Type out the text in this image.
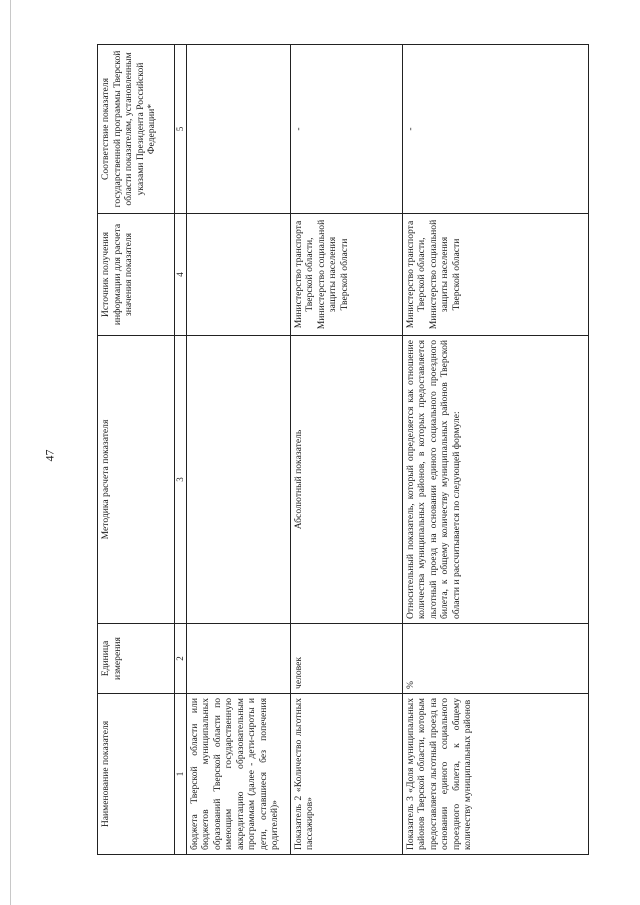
47
Наименование показателя	Единица измерения	Методика расчета показателя	Источник получения информации для расчета значения показателя	Соответствие показателя государственной программы Тверской области показателям, установленным указами Президента Российской Федерации*
1	2	3	4	5
бюджета Тверской области или бюджетов муниципальных образований Тверской области по имеющим государственную аккредитацию образовательным программам (далее - дети-сироты и дети, оставшиеся без попечения родителей)»				
Показатель 2 «Количество льготных пассажиров»	человек	Абсолютный показатель	Министерство транспорта Тверской области, Министерство социальной защиты населения Тверской области	-
Показатель 3 «Доля муниципальных районов Тверской области, которым предоставляется льготный проезд на основании единого социального проездного билета, к общему количеству муниципальных районов	%	Относительный показатель, который определяется как отношение количества муниципальных районов, в которых предоставляется льготный проезд на основании единого социального проездного билета, к общему количеству муниципальных районов Тверской области и рассчитывается по следующей формуле:	Министерство транспорта Тверской области, Министерство социальной защиты населения Тверской области	-
